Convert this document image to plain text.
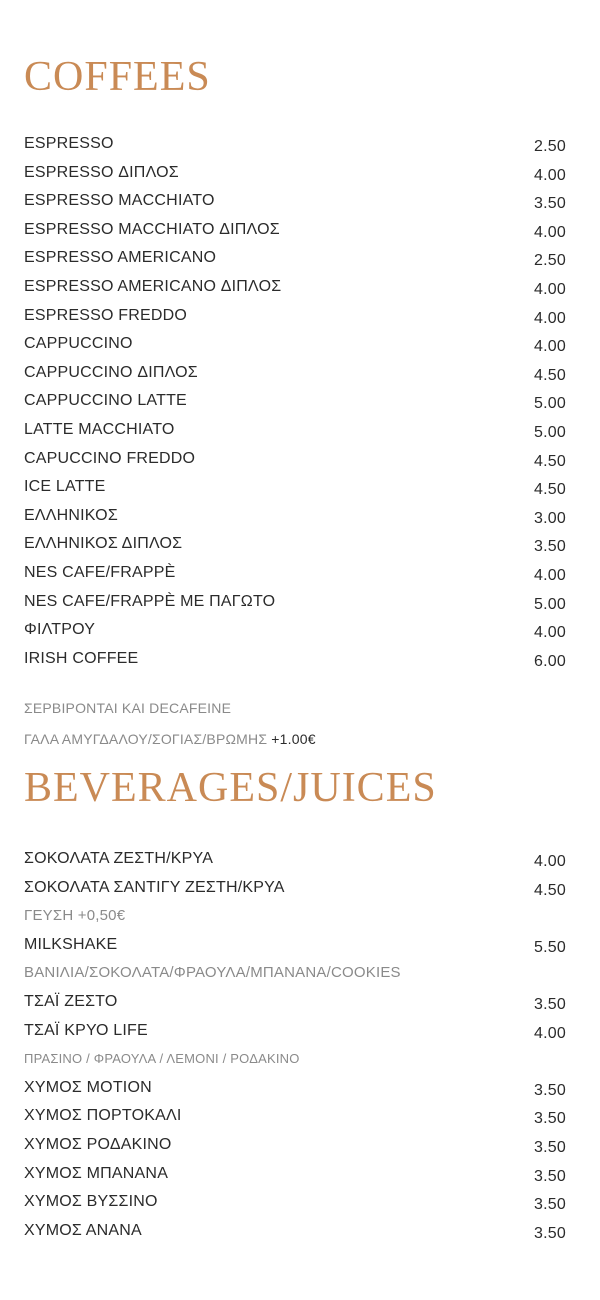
COFFEES
ESPRESSO	2.50
ESPRESSO ΔΙΠΛΟΣ	4.00
ESPRESSO MACCHIATO	3.50
ESPRESSO MACCHIATO ΔΙΠΛΟΣ	4.00
ESPRESSO AMERICANO	2.50
ESPRESSO AMERICANO ΔΙΠΛΟΣ	4.00
ESPRESSO FREDDO	4.00
CAPPUCCINO	4.00
CAPPUCCINO ΔΙΠΛΟΣ	4.50
CAPPUCCINO LATTE	5.00
LATTE MACCHIATO	5.00
CAPUCCINO FREDDO	4.50
ICE LATTE	4.50
ΕΛΛΗΝΙΚΟΣ	3.00
ΕΛΛΗΝΙΚΟΣ ΔΙΠΛΟΣ	3.50
NES CAFE/FRAPPÈ	4.00
NES CAFE/FRAPPÈ ΜΕ ΠΑΓΩΤΟ	5.00
ΦΙΛΤΡΟΥ	4.00
IRISH COFFEE	6.00
ΣΕΡΒΙΡΟΝΤΑΙ ΚΑΙ DECAFEINE
ΓΑΛΑ ΑΜΥΓΔΑΛΟΥ/ΣΟΓΙΑΣ/ΒΡΩΜΗΣ +1.00€
BEVERAGES/JUICES
ΣΟΚΟΛΑΤΑ ΖΕΣΤΗ/ΚΡΥΑ	4.00
ΣΟΚΟΛΑΤΑ ΣΑΝΤΙΓΥ ΖΕΣΤΗ/ΚΡΥΑ	4.50
ΓΕΥΣΗ +0,50€
MILKSHAKE	5.50
ΒΑΝΙΛΙΑ/ΣΟΚΟΛΑΤΑ/ΦΡΑΟΥΛΑ/ΜΠΑΝΑΝΑ/COOKIES
ΤΣΑΪ ΖΕΣΤΟ	3.50
ΤΣΑΪ ΚΡΥΟ LIFE	4.00
ΠΡΑΣΙΝΟ / ΦΡΑΟΥΛΑ / ΛΕΜΟΝΙ / ΡΟΔΑΚΙΝΟ
ΧΥΜΟΣ MOTION	3.50
ΧΥΜΟΣ ΠΟΡΤΟΚΑΛΙ	3.50
ΧΥΜΟΣ ΡΟΔΑΚΙΝΟ	3.50
ΧΥΜΟΣ ΜΠΑΝΑΝΑ	3.50
ΧΥΜΟΣ ΒΥΣΣΙΝΟ	3.50
ΧΥΜΟΣ ΑΝΑΝΑ	3.50
